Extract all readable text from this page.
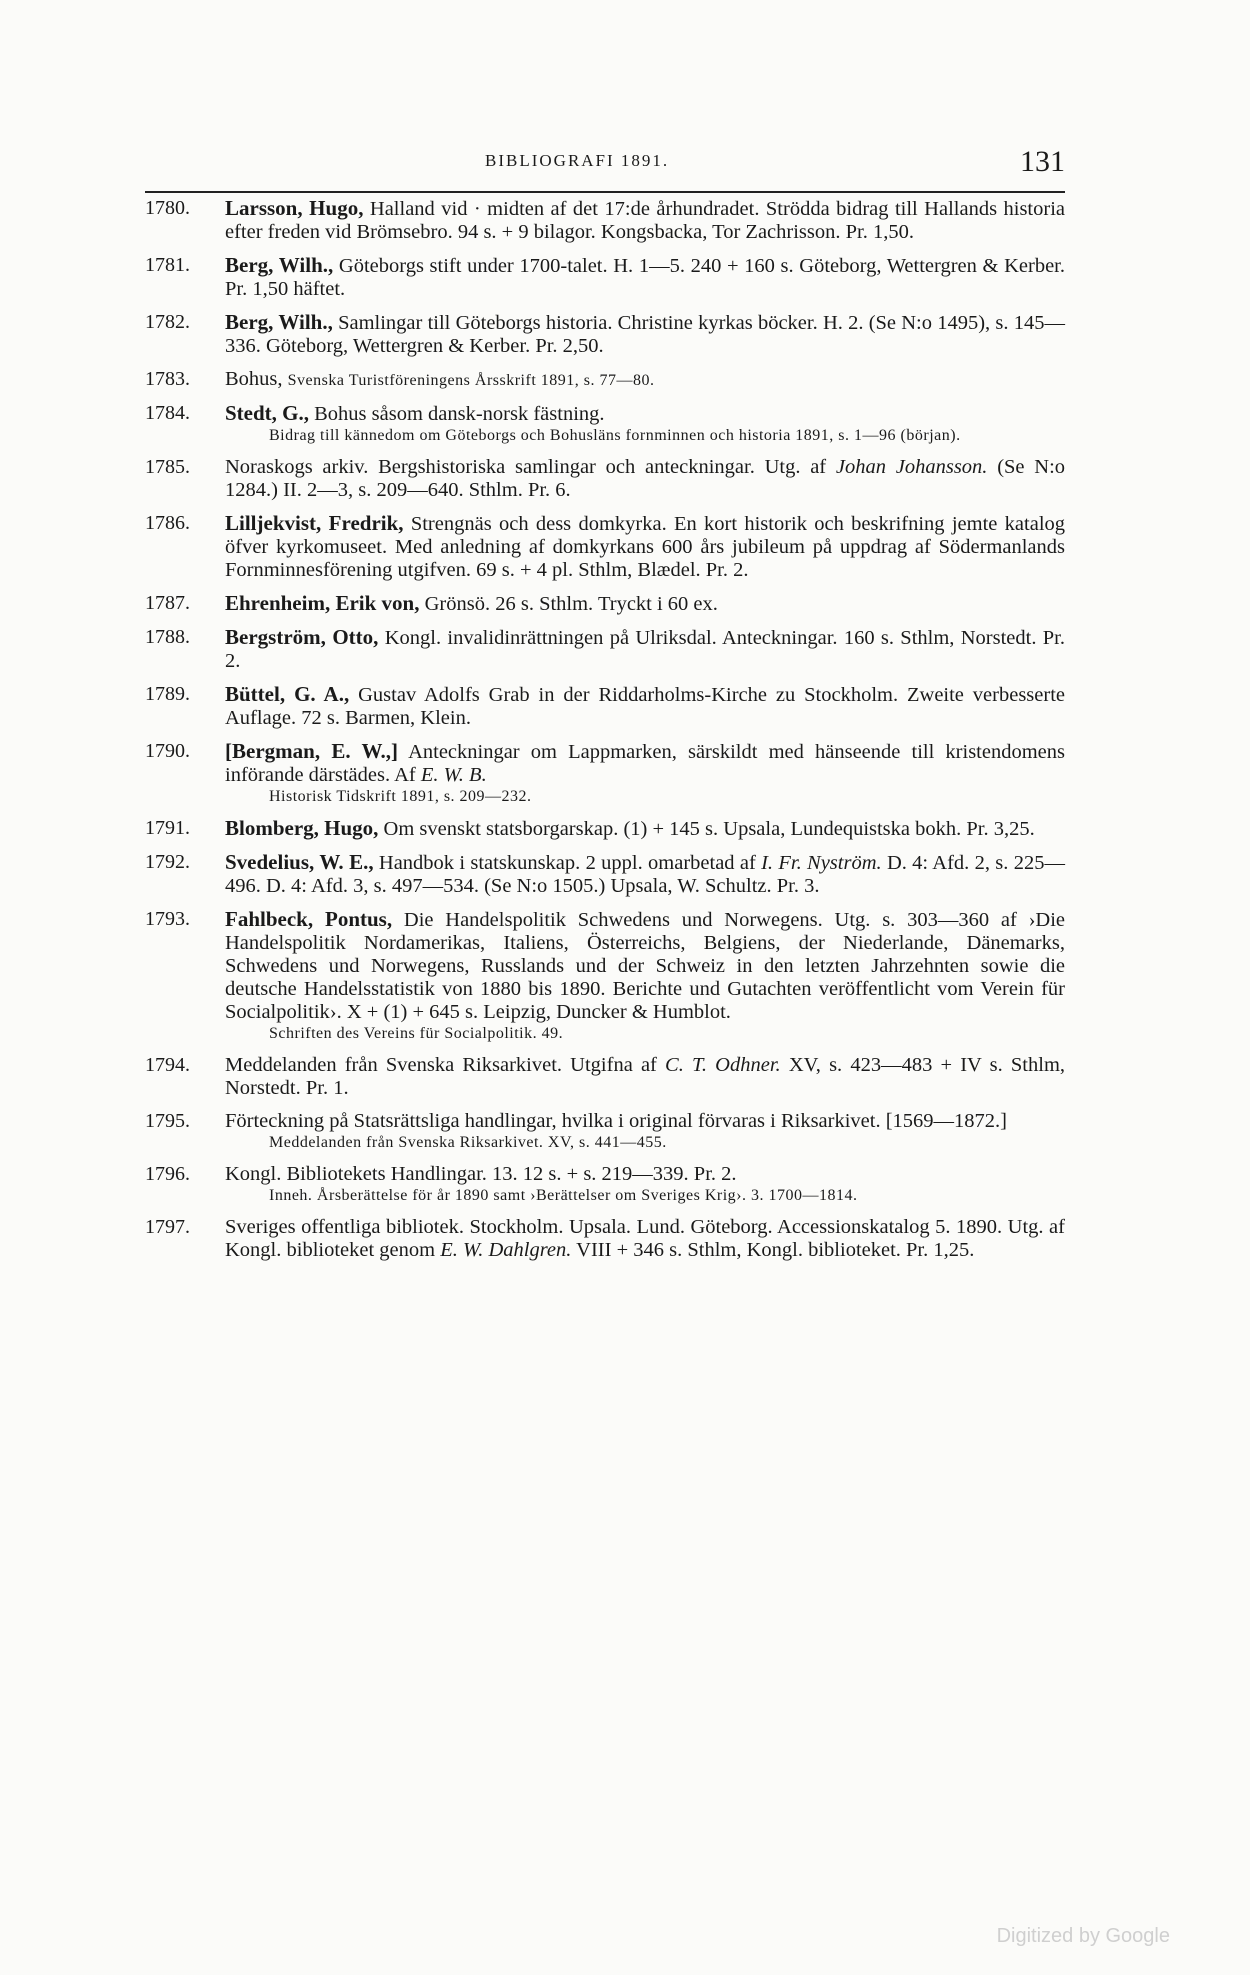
BIBLIOGRAFI 1891.	131
1780. Larsson, Hugo, Halland vid · midten af det 17:de århundradet. Strödda bidrag till Hallands historia efter freden vid Brömsebro. 94 s. + 9 bilagor. Kongsbacka, Tor Zachrisson. Pr. 1,50.
1781. Berg, Wilh., Göteborgs stift under 1700-talet. H. 1—5. 240 + 160 s. Göteborg, Wettergren & Kerber. Pr. 1,50 häftet.
1782. Berg, Wilh., Samlingar till Göteborgs historia. Christine kyrkas böcker. H. 2. (Se N:o 1495), s. 145—336. Göteborg, Wettergren & Kerber. Pr. 2,50.
1783. Bohus, Svenska Turistföreningens Årsskrift 1891, s. 77—80.
1784. Stedt, G., Bohus såsom dansk-norsk fästning.
Bidrag till kännedom om Göteborgs och Bohusläns fornminnen och historia 1891, s. 1—96 (början).
1785. Noraskogs arkiv. Bergshistoriska samlingar och anteckningar. Utg. af Johan Johansson. (Se N:o 1284.) II. 2—3, s. 209—640. Sthlm. Pr. 6.
1786. Lilljekvist, Fredrik, Strengnäs och dess domkyrka. En kort historik och beskrifning jemte katalog öfver kyrkomuseet. Med anledning af domkyrkans 600 års jubileum på uppdrag af Södermanlands Fornminnesförening utgifven. 69 s. + 4 pl. Sthlm, Blædel. Pr. 2.
1787. Ehrenheim, Erik von, Grönsö. 26 s. Sthlm. Tryckt i 60 ex.
1788. Bergström, Otto, Kongl. invalidinrättningen på Ulriksdal. Anteckningar. 160 s. Sthlm, Norstedt. Pr. 2.
1789. Büttel, G. A., Gustav Adolfs Grab in der Riddarholms-Kirche zu Stockholm. Zweite verbesserte Auflage. 72 s. Barmen, Klein.
1790. [Bergman, E. W.,] Anteckningar om Lappmarken, särskildt med hänseende till kristendomens införande därstädes. Af E. W. B.
Historisk Tidskrift 1891, s. 209—232.
1791. Blomberg, Hugo, Om svenskt statsborgarskap. (1) + 145 s. Upsala, Lundequistska bokh. Pr. 3,25.
1792. Svedelius, W. E., Handbok i statskunskap. 2 uppl. omarbetad af I. Fr. Nyström. D. 4: Afd. 2, s. 225—496. D. 4: Afd. 3, s. 497—534. (Se N:o 1505.) Upsala, W. Schultz. Pr. 3.
1793. Fahlbeck, Pontus, Die Handelspolitik Schwedens und Norwegens. Utg. s. 303—360 af ›Die Handelspolitik Nordamerikas, Italiens, Österreichs, Belgiens, der Niederlande, Dänemarks, Schwedens und Norwegens, Russlands und der Schweiz in den letzten Jahrzehnten sowie die deutsche Handelsstatistik von 1880 bis 1890. Berichte und Gutachten veröffentlicht vom Verein für Socialpolitik›. X + (1) + 645 s. Leipzig, Duncker & Humblot.
Schriften des Vereins für Socialpolitik. 49.
1794. Meddelanden från Svenska Riksarkivet. Utgifna af C. T. Odhner. XV, s. 423—483 + IV s. Sthlm, Norstedt. Pr. 1.
1795. Förteckning på Statsrättsliga handlingar, hvilka i original förvaras i Riksarkivet. [1569—1872.]
Meddelanden från Svenska Riksarkivet. XV, s. 441—455.
1796. Kongl. Bibliotekets Handlingar. 13. 12 s. + s. 219—339. Pr. 2.
Inneh. Årsberättelse för år 1890 samt ›Berättelser om Sveriges Krig›. 3. 1700—1814.
1797. Sveriges offentliga bibliotek. Stockholm. Upsala. Lund. Göteborg. Accessionskatalog 5. 1890. Utg. af Kongl. biblioteket genom E. W. Dahlgren. VIII + 346 s. Sthlm, Kongl. biblioteket. Pr. 1,25.
Digitized by Google
